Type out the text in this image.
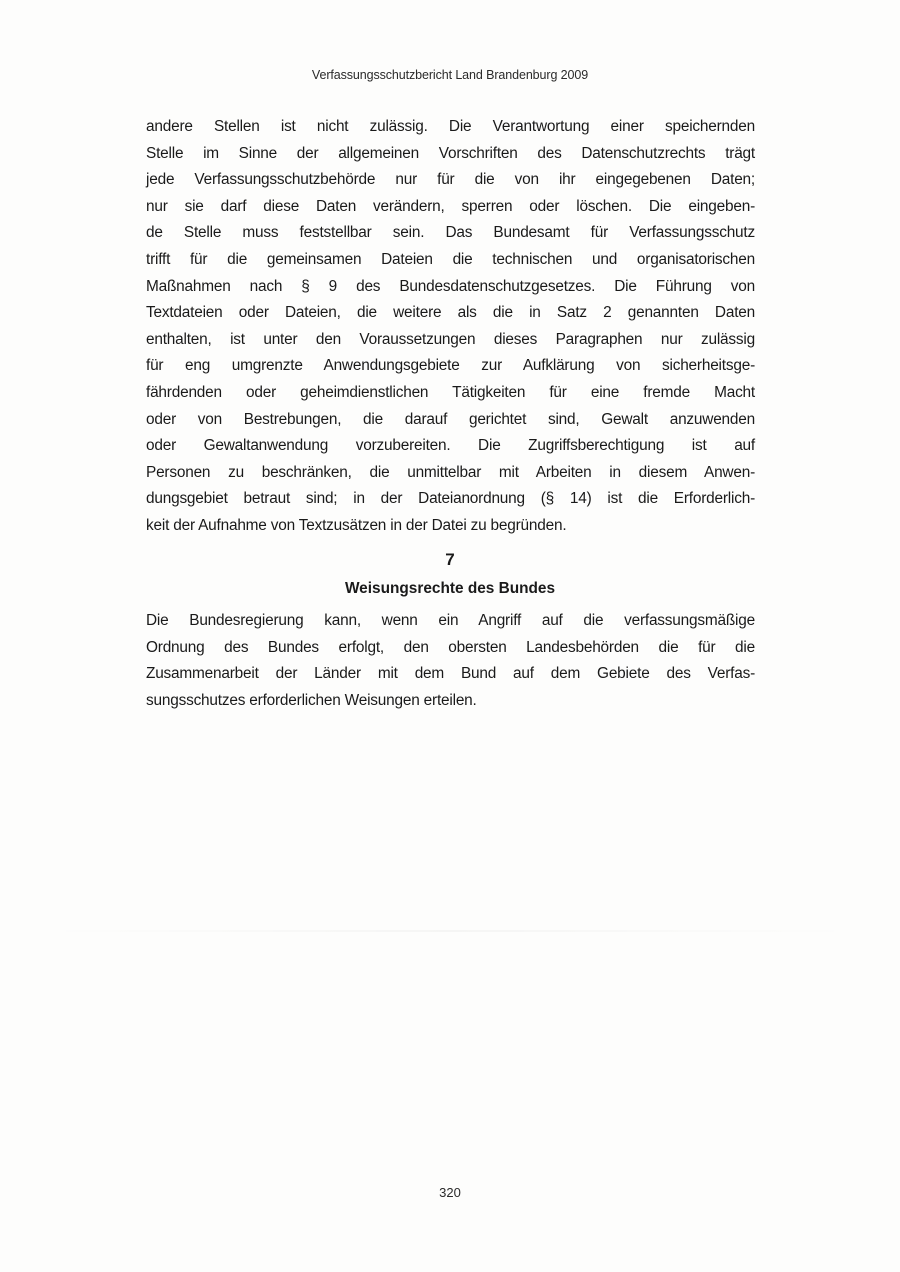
Verfassungsschutzbericht Land Brandenburg 2009
andere Stellen ist nicht zulässig. Die Verantwortung einer speichernden
Stelle im Sinne der allgemeinen Vorschriften des Datenschutzrechts trägt
jede Verfassungsschutzbehörde nur für die von ihr eingegebenen Daten;
nur sie darf diese Daten verändern, sperren oder löschen. Die eingeben-
de Stelle muss feststellbar sein. Das Bundesamt für Verfassungsschutz
trifft für die gemeinsamen Dateien die technischen und organisatorischen
Maßnahmen nach § 9 des Bundesdatenschutzgesetzes. Die Führung von
Textdateien oder Dateien, die weitere als die in Satz 2 genannten Daten
enthalten, ist unter den Voraussetzungen dieses Paragraphen nur zulässig
für eng umgrenzte Anwendungsgebiete zur Aufklärung von sicherheitsge-
fährdenden oder geheimdienstlichen Tätigkeiten für eine fremde Macht
oder von Bestrebungen, die darauf gerichtet sind, Gewalt anzuwenden
oder Gewaltanwendung vorzubereiten. Die Zugriffsberechtigung ist auf
Personen zu beschränken, die unmittelbar mit Arbeiten in diesem Anwen-
dungsgebiet betraut sind; in der Dateianordnung (§ 14) ist die Erforderlich-
keit der Aufnahme von Textzusätzen in der Datei zu begründen.
7
Weisungsrechte des Bundes
Die Bundesregierung kann, wenn ein Angriff auf die verfassungsmäßige
Ordnung des Bundes erfolgt, den obersten Landesbehörden die für die
Zusammenarbeit der Länder mit dem Bund auf dem Gebiete des Verfas-
sungsschutzes erforderlichen Weisungen erteilen.
320
